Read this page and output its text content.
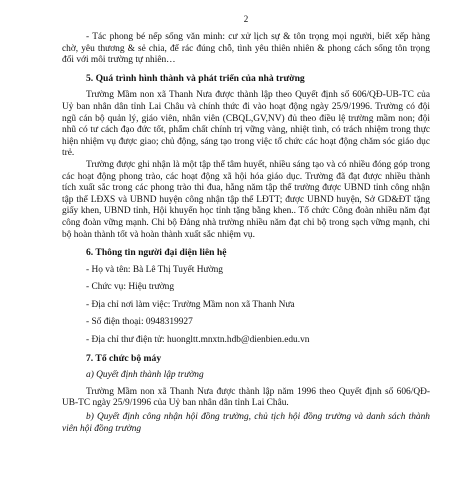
2

- Tác phong bé nếp sống văn minh: cư xử lịch sự & tôn trọng mọi người, biết xếp hàng chờ, yêu thương & sẻ chia, để rác đúng chỗ, tình yêu thiên nhiên & phong cách sống tôn trọng đối với môi trường tự nhiên…

5. Quá trình hình thành và phát triển của nhà trường

Trường Mầm non xã Thanh Nưa được thành lập theo Quyết định số 606/QĐ-UB-TC của Uỷ ban nhân dân tỉnh Lai Châu và chính thức đi vào hoạt động ngày 25/9/1996. Trường có đội ngũ cán bộ quản lý, giáo viên, nhân viên (CBQL,GV,NV) đủ theo điều lệ trường mầm non; đội nhũ có tư cách đạo đức tốt, phẩm chất chính trị vững vàng, nhiệt tình, có trách nhiệm trong thực hiện nhiệm vụ được giao; chủ động, sáng tạo trong việc tổ chức các hoạt động chăm sóc giáo dục trẻ.

Trường được ghi nhận là một tập thể tâm huyết, nhiều sáng tạo và có nhiều đóng góp trong các hoạt động phong trào, các hoạt động xã hội hóa giáo dục. Trường đã đạt được nhiều thành tích xuất sắc trong các phong trào thi đua, hằng năm tập thể trường được UBND tỉnh công nhận tập thể LĐXS và UBND huyện công nhận tập thể LĐTT; được UBND huyện, Sở GD&ĐT tặng giấy khen, UBND tỉnh, Hội khuyến học tỉnh tặng bằng khen.. Tổ chức Công đoàn nhiều năm đạt công đoàn vững mạnh. Chi bộ Đảng nhà trường nhiều năm đạt chi bộ trong sạch vững mạnh, chi bộ hoàn thành tốt và hoàn thành xuất sắc nhiệm vụ.

6. Thông tin người đại diện liên hệ

- Họ và tên: Bà Lê Thị Tuyết Hường

- Chức vụ: Hiệu trường

- Địa chỉ nơi làm việc: Trường Mầm non xã Thanh Nưa

- Số điện thoại: 0948319927

- Địa chỉ thư điện tử: huongltt.mnxtn.hdb@dienbien.edu.vn

7. Tổ chức bộ máy

a) Quyết định thành lập trường

Trường Mầm non xã Thanh Nưa được thành lập năm 1996 theo Quyết định số 606/QĐ-UB-TC ngày 25/9/1996 của Uỷ ban nhân dân tỉnh Lai Châu.

b) Quyết định công nhận hội đồng trường, chủ tịch hội đồng trường và danh sách thành viên hội đồng trường
